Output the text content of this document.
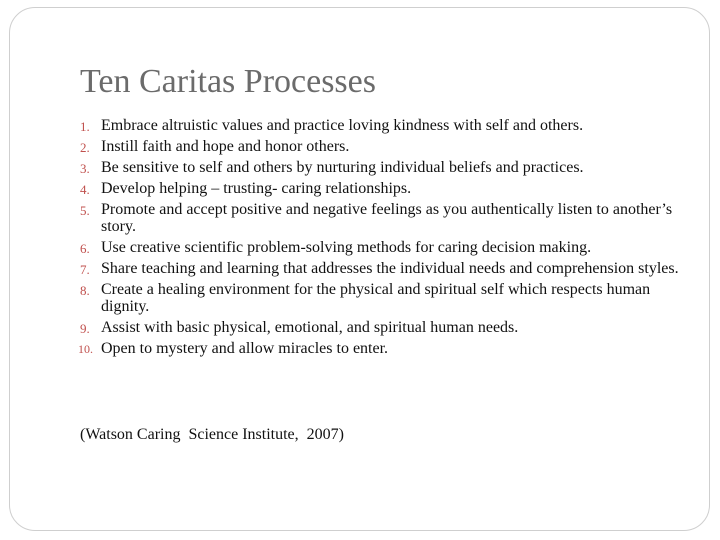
Ten Caritas Processes
1. Embrace altruistic values and practice loving kindness with self and others.
2. Instill faith and hope and honor others.
3. Be sensitive to self and others by nurturing individual beliefs and practices.
4. Develop helping – trusting- caring relationships.
5. Promote and accept positive and negative feelings as you authentically listen to another’s story.
6. Use creative scientific problem-solving methods for caring decision making.
7. Share teaching and learning that addresses the individual needs and comprehension styles.
8. Create a healing environment for the physical and spiritual self which respects human dignity.
9. Assist with basic physical, emotional, and spiritual human needs.
10. Open to mystery and allow miracles to enter.

(Watson Caring  Science Institute,  2007)
